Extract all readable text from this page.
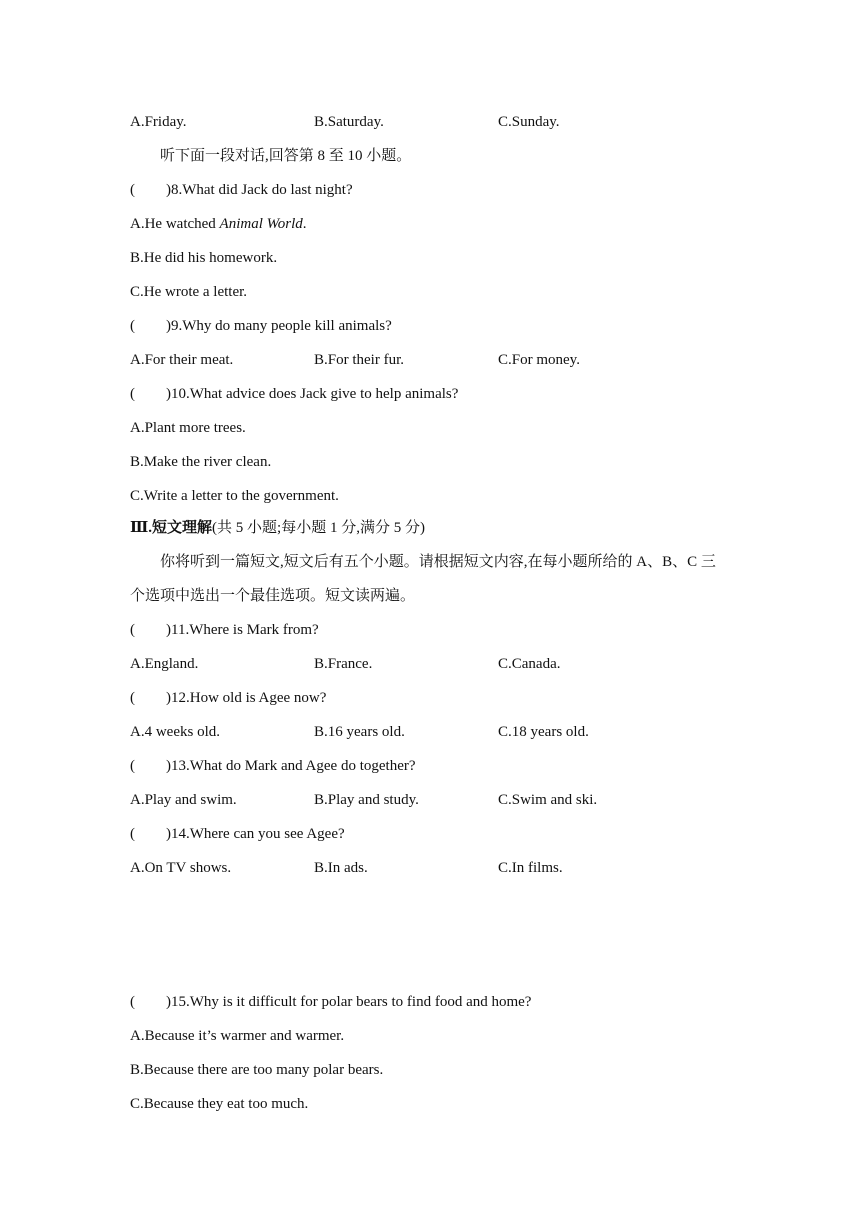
A.Friday.	B.Saturday.	C.Sunday.
听下面一段对话,回答第 8 至 10 小题。
( )8.What did Jack do last night?
A.He watched Animal World.
B.He did his homework.
C.He wrote a letter.
( )9.Why do many people kill animals?
A.For their meat.	B.For their fur.	C.For money.
( )10.What advice does Jack give to help animals?
A.Plant more trees.
B.Make the river clean.
C.Write a letter to the government.
Ⅲ.短文理解(共 5 小题;每小题 1 分,满分 5 分)
你将听到一篇短文,短文后有五个小题。请根据短文内容,在每小题所给的 A、B、C 三
个选项中选出一个最佳选项。短文读两遍。
( )11.Where is Mark from?
A.England.	B.France.	C.Canada.
( )12.How old is Agee now?
A.4 weeks old.	B.16 years old.	C.18 years old.
( )13.What do Mark and Agee do together?
A.Play and swim.	B.Play and study.	C.Swim and ski.
( )14.Where can you see Agee?
A.On TV shows.	B.In ads.	C.In films.
( )15.Why is it difficult for polar bears to find food and home?
A.Because it’s warmer and warmer.
B.Because there are too many polar bears.
C.Because they eat too much.
